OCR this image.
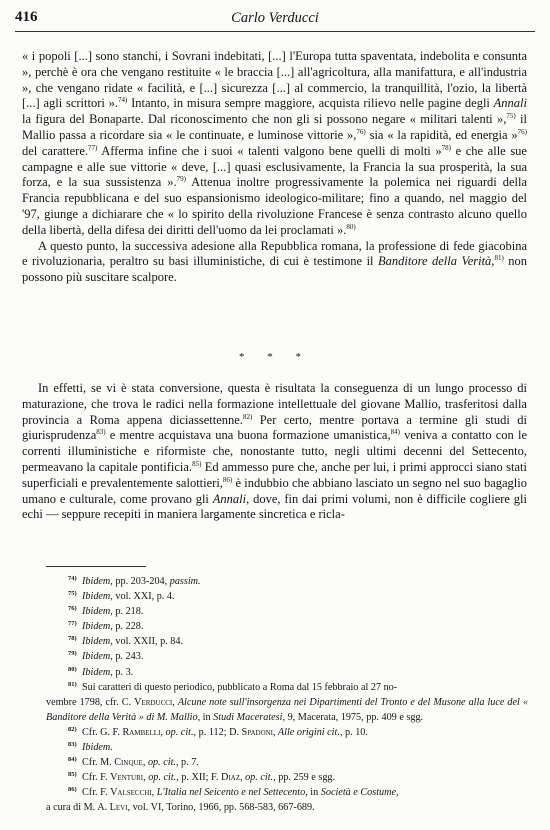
416	Carlo Verducci

« i popoli [...] sono stanchi, i Sovrani indebitati, [...] l'Europa tutta spaventata, indebolita e consunta », perchè è ora che vengano restituite « le braccia [...] all'agricoltura, alla manifattura, e all'industria », che vengano ridate « facilità, e [...] sicurezza [...] al commercio, la tranquillità, l'ozio, la libertà [...] agli scrittori ».$^{74)}$ Intanto, in misura sempre maggiore, acquista rilievo nelle pagine degli Annali la figura del Bonaparte. Dal riconoscimento che non gli si possono negare « militari talenti »,$^{75)}$ il Mallio passa a ricordare sia « le continuate, e luminose vittorie »,$^{76)}$ sia « la rapidità, ed energia »$^{76)}$ del carattere.$^{77)}$ Afferma infine che i suoi « talenti valgono bene quelli di molti »$^{78)}$ e che alle sue campagne e alle sue vittorie « deve, [...] quasi esclusivamente, la Francia la sua prosperità, la sua forza, e la sua sussistenza ».$^{79)}$ Attenua inoltre progressivamente la polemica nei riguardi della Francia repubblicana e del suo espansionismo ideologico-militare; fino a quando, nel maggio del '97, giunge a dichiarare che « lo spirito della rivoluzione Francese è senza contrasto alcuno quello della libertà, della difesa dei diritti dell'uomo da lei proclamati ».$^{80)}$

A questo punto, la successiva adesione alla Repubblica romana, la professione di fede giacobina e rivoluzionaria, peraltro su basi illuministiche, di cui è testimone il Banditore della Verità,$^{81)}$ non possono più suscitare scalpore.

* * *

In effetti, se vi è stata conversione, questa è risultata la conseguenza di un lungo processo di maturazione, che trova le radici nella formazione intellettuale del giovane Mallio, trasferitosi dalla provincia a Roma appena diciassettenne.$^{82)}$ Per certo, mentre portava a termine gli studi di giurisprudenza$^{83)}$ e mentre acquistava una buona formazione umanistica,$^{84)}$ veniva a contatto con le correnti illuministiche e riformiste che, nonostante tutto, negli ultimi decenni del Settecento, permeavano la capitale pontificia.$^{85)}$ Ed ammesso pure che, anche per lui, i primi approcci siano stati superficiali e prevalentemente salottieri,$^{86)}$ è indubbio che abbiano lasciato un segno nel suo bagaglio umano e culturale, come provano gli Annali, dove, fin dai primi volumi, non è difficile cogliere gli echi — seppure recepiti in maniera largamente sincretica e ricla-

74) Ibidem, pp. 203-204, passim.
75) Ibidem, vol. XXI, p. 4.
76) Ibidem, p. 218.
77) Ibidem, p. 228.
78) Ibidem, vol. XXII, p. 84.
79) Ibidem, p. 243.
80) Ibidem, p. 3.
81) Sui caratteri di questo periodico, pubblicato a Roma dal 15 febbraio al 27 no-
vembre 1798, cfr. C. Verducci, Alcune note sull'insorgenza nei Dipartimenti del Tronto e del Musone alla luce del « Banditore della Verità » di M. Mallio, in Studi Maceratesi, 9, Macerata, 1975, pp. 409 e sgg.
82) Cfr. G. F. Rambelli, op. cit., p. 112; D. Spadoni, Alle origini cit., p. 10.
83) Ibidem.
84) Cfr. M. Cinque, op. cit., p. 7.
85) Cfr. F. Venturi, op. cit., p. XII; F. Diaz, op. cit., pp. 259 e sgg.
86) Cfr. F. Valsecchi, L'Italia nel Seicento e nel Settecento, in Società e Costume,
a cura di M. A. Levi, vol. VI, Torino, 1966, pp. 568-583, 667-689.
